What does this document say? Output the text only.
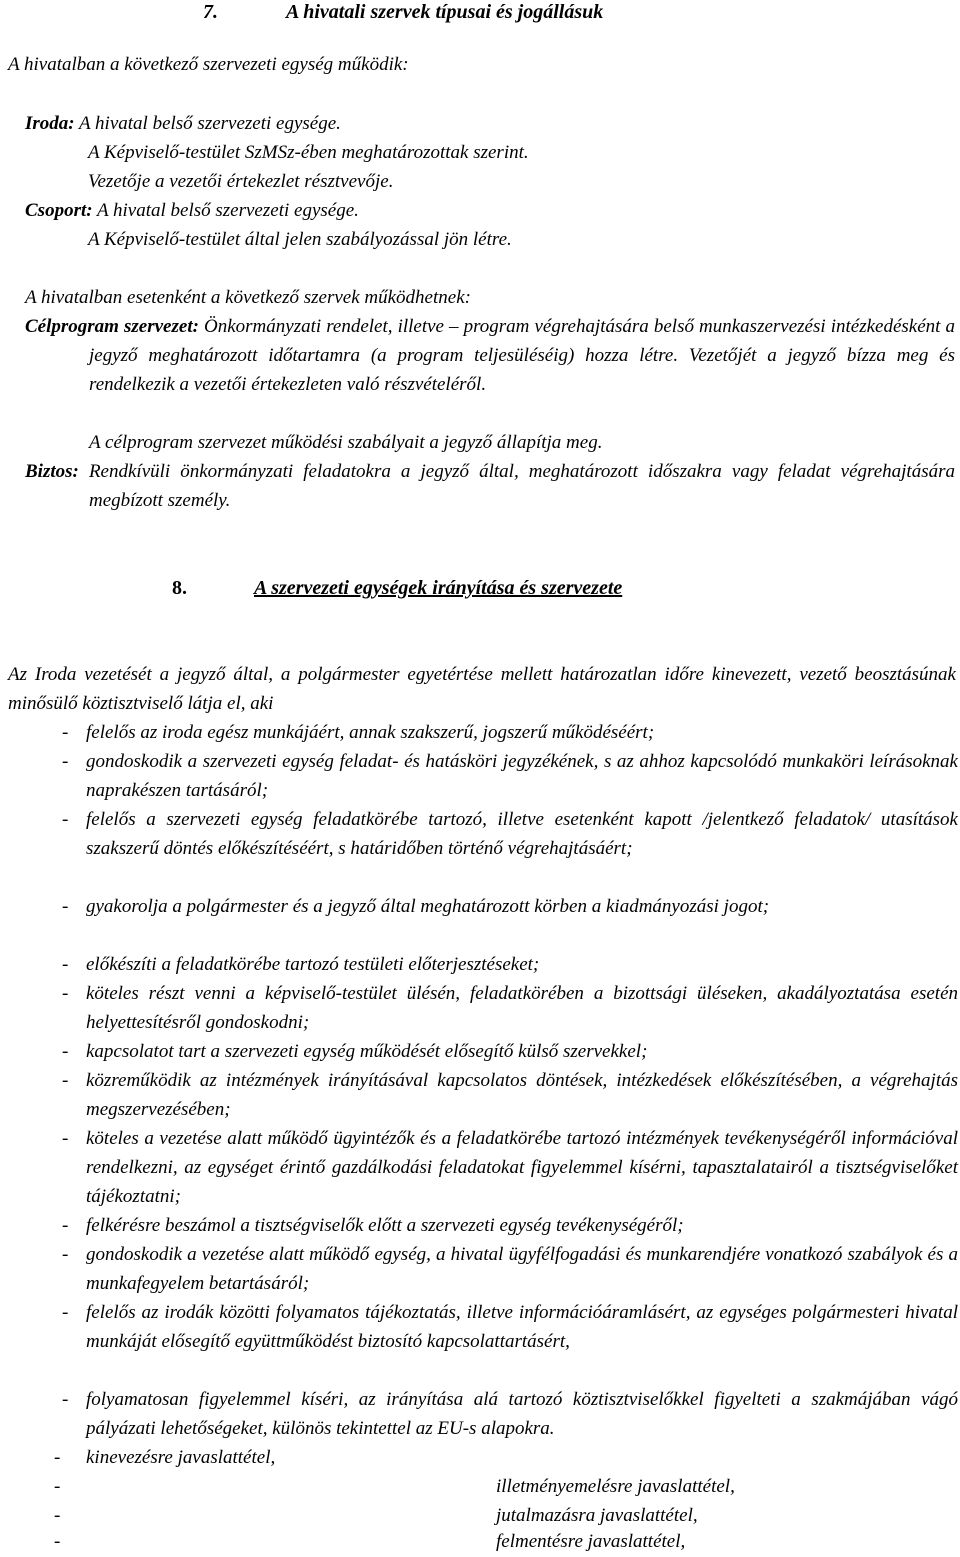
7.	A hivatali szervek típusai és jogállásuk
A hivatalban a következő szervezeti egység működik:
Iroda: A hivatal belső szervezeti egysége.
A Képviselő-testület SzMSz-ében meghatározottak szerint.
Vezetője a vezetői értekezlet résztvevője.
Csoport: A hivatal belső szervezeti egysége.
A Képviselő-testület által jelen szabályozással jön létre.
A hivatalban esetenként a következő szervek működhetnek:
Célprogram szervezet: Önkormányzati rendelet, illetve – program végrehajtására belső munkaszervezési intézkedésként a jegyző meghatározott időtartamra (a program teljesüléséig) hozza létre. Vezetőjét a jegyző bízza meg és rendelkezik a vezetői értekezleten való részvételéről.
A célprogram szervezet működési szabályait a jegyző állapítja meg.
Biztos: Rendkívüli önkormányzati feladatokra a jegyző által, meghatározott időszakra vagy feladat végrehajtására megbízott személy.
8.	A szervezeti egységek irányítása és szervezete
Az Iroda vezetését a jegyző által, a polgármester egyetértése mellett határozatlan időre kinevezett, vezető beosztásúnak minősülő köztisztviselő látja el, aki
- felelős az iroda egész munkájáért, annak szakszerű, jogszerű működéséért;
- gondoskodik a szervezeti egység feladat- és hatásköri jegyzékének, s az ahhoz kapcsolódó munkaköri leírásoknak naprakészen tartásáról;
- felelős a szervezeti egység feladatkörébe tartozó, illetve esetenként kapott /jelentkező feladatok/ utasítások szakszerű döntés előkészítéséért, s határidőben történő végrehajtásáért;
- gyakorolja a polgármester és a jegyző által meghatározott körben a kiadmányozási jogot;
- előkészíti a feladatkörébe tartozó testületi előterjesztéseket;
- köteles részt venni a képviselő-testület ülésén, feladatkörében a bizottsági üléseken, akadályoztatása esetén helyettesítésről gondoskodni;
- kapcsolatot tart a szervezeti egység működését elősegítő külső szervekkel;
- közreműködik az intézmények irányításával kapcsolatos döntések, intézkedések előkészítésében, a végrehajtás megszervezésében;
- köteles a vezetése alatt működő ügyintézők és a feladatkörébe tartozó intézmények tevékenységéről információval rendelkezni, az egységet érintő gazdálkodási feladatokat figyelemmel kísérni, tapasztalatairól a tisztségviselőket tájékoztatni;
- felkérésre beszámol a tisztségviselők előtt a szervezeti egység tevékenységéről;
- gondoskodik a vezetése alatt működő egység, a hivatal ügyfélfogadási és munkarendjére vonatkozó szabályok és a munkafegyelem betartásáról;
- felelős az irodák közötti folyamatos tájékoztatás, illetve információáramlásért, az egységes polgármesteri hivatal munkáját elősegítő együttműködést biztosító kapcsolattartásért,
- folyamatosan figyelemmel kíséri, az irányítása alá tartozó köztisztviselőkkel figyelteti a szakmájában vágó pályázati lehetőségeket, különös tekintettel az EU-s alapokra.
- kinevezésre javaslattétel,
-	illetményemelésre javaslattétel,
-	jutalmazásra javaslattétel,
-	felmentésre javaslattétel,
